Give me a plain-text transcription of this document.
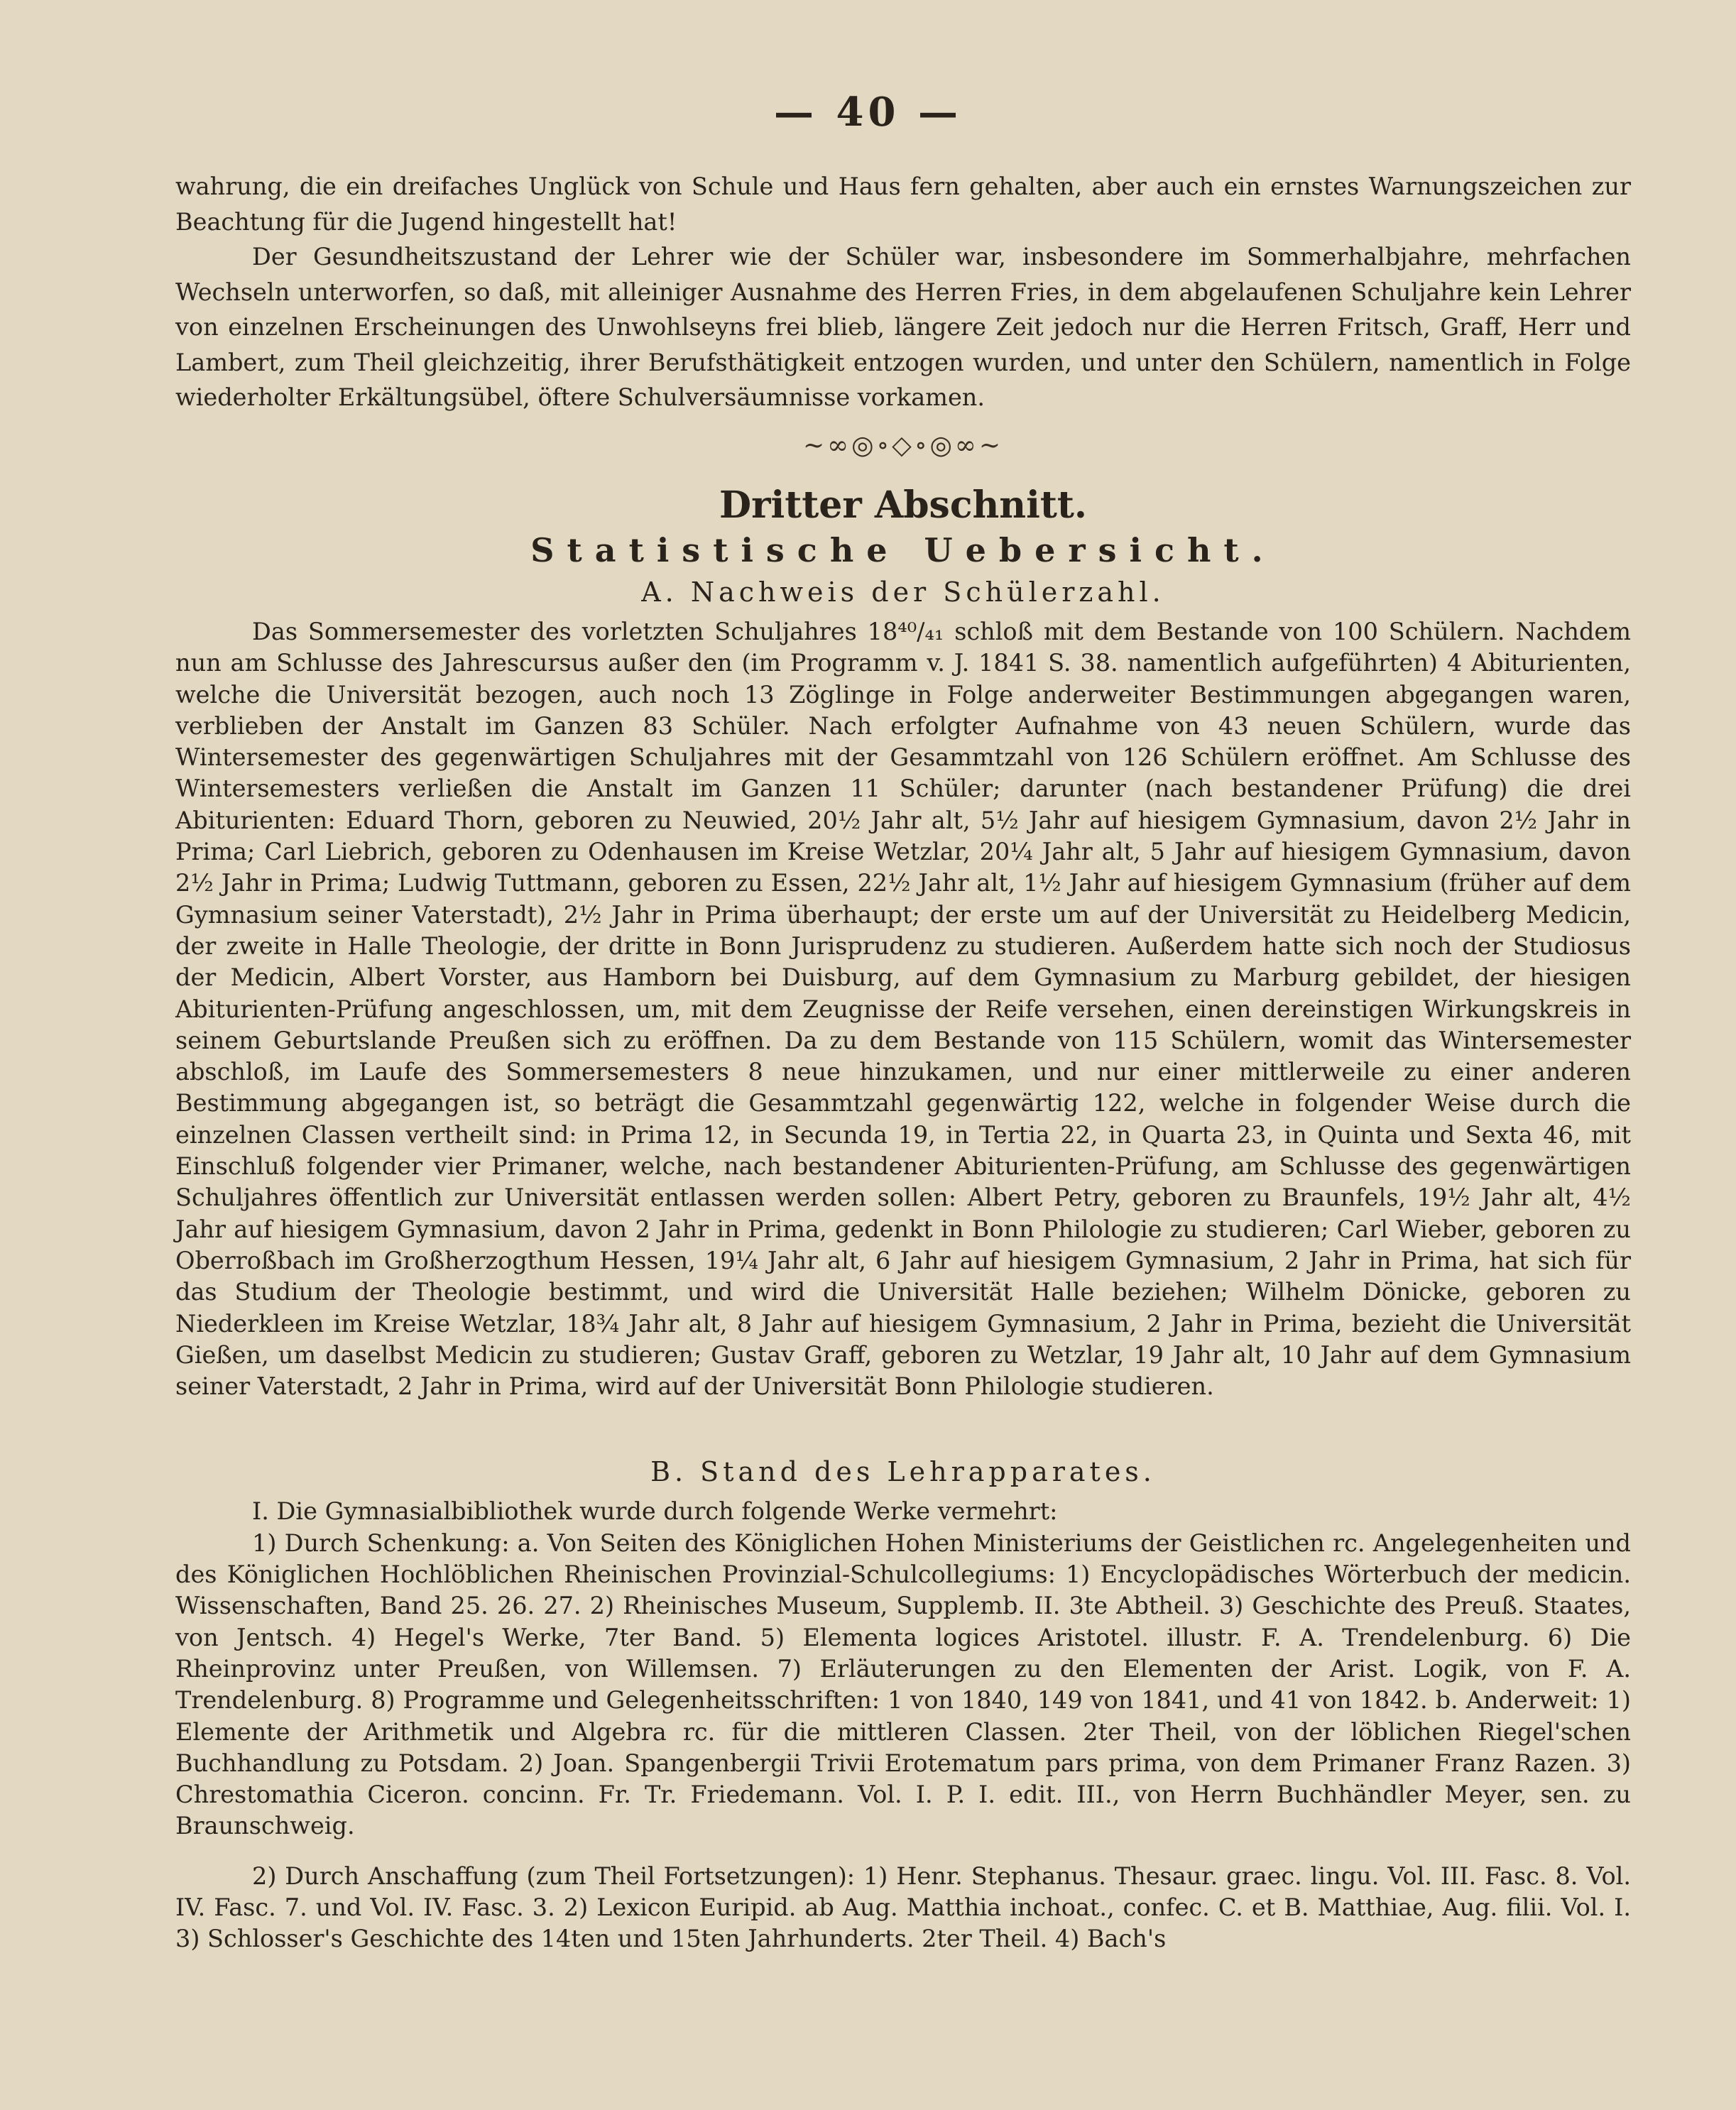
— 40 —

wahrung, die ein dreifaches Unglück von Schule und Haus fern gehalten, aber auch ein ernstes Warnungszeichen zur Beachtung für die Jugend hingestellt hat!

Der Gesundheitszustand der Lehrer wie der Schüler war, insbesondere im Sommerhalbjahre, mehrfachen Wechseln unterworfen, so daß, mit alleiniger Ausnahme des Herren Fries, in dem abgelaufenen Schuljahre kein Lehrer von einzelnen Erscheinungen des Unwohlseyns frei blieb, längere Zeit jedoch nur die Herren Fritsch, Graff, Herr und Lambert, zum Theil gleichzeitig, ihrer Berufsthätigkeit entzogen wurden, und unter den Schülern, namentlich in Folge wiederholter Erkältungsübel, öftere Schulversäumnisse vorkamen.

~∞◎∘◇∘◎∞~
Dritter Abschnitt.
Statistische Uebersicht.
A. Nachweis der Schülerzahl.

Das Sommersemester des vorletzten Schuljahres 18⁴⁰/₄₁ schloß mit dem Bestande von 100 Schülern. Nachdem nun am Schlusse des Jahrescursus außer den (im Programm v. J. 1841 S. 38. namentlich aufgeführten) 4 Abiturienten, welche die Universität bezogen, auch noch 13 Zöglinge in Folge anderweiter Bestimmungen abgegangen waren, verblieben der Anstalt im Ganzen 83 Schüler. Nach erfolgter Aufnahme von 43 neuen Schülern, wurde das Wintersemester des gegenwärtigen Schuljahres mit der Gesammtzahl von 126 Schülern eröffnet. Am Schlusse des Wintersemesters verließen die Anstalt im Ganzen 11 Schüler; darunter (nach bestandener Prüfung) die drei Abiturienten: Eduard Thorn, geboren zu Neuwied, 20½ Jahr alt, 5½ Jahr auf hiesigem Gymnasium, davon 2½ Jahr in Prima; Carl Liebrich, geboren zu Odenhausen im Kreise Wetzlar, 20¼ Jahr alt, 5 Jahr auf hiesigem Gymnasium, davon 2½ Jahr in Prima; Ludwig Tuttmann, geboren zu Essen, 22½ Jahr alt, 1½ Jahr auf hiesigem Gymnasium (früher auf dem Gymnasium seiner Vaterstadt), 2½ Jahr in Prima überhaupt; der erste um auf der Universität zu Heidelberg Medicin, der zweite in Halle Theologie, der dritte in Bonn Jurisprudenz zu studieren. Außerdem hatte sich noch der Studiosus der Medicin, Albert Vorster, aus Hamborn bei Duisburg, auf dem Gymnasium zu Marburg gebildet, der hiesigen Abiturienten-Prüfung angeschlossen, um, mit dem Zeugnisse der Reife versehen, einen dereinstigen Wirkungskreis in seinem Geburtslande Preußen sich zu eröffnen. Da zu dem Bestande von 115 Schülern, womit das Wintersemester abschloß, im Laufe des Sommersemesters 8 neue hinzukamen, und nur einer mittlerweile zu einer anderen Bestimmung abgegangen ist, so beträgt die Gesammtzahl gegenwärtig 122, welche in folgender Weise durch die einzelnen Classen vertheilt sind: in Prima 12, in Secunda 19, in Tertia 22, in Quarta 23, in Quinta und Sexta 46, mit Einschluß folgender vier Primaner, welche, nach bestandener Abiturienten-Prüfung, am Schlusse des gegenwärtigen Schuljahres öffentlich zur Universität entlassen werden sollen: Albert Petry, geboren zu Braunfels, 19½ Jahr alt, 4½ Jahr auf hiesigem Gymnasium, davon 2 Jahr in Prima, gedenkt in Bonn Philologie zu studieren; Carl Wieber, geboren zu Oberroßbach im Großherzogthum Hessen, 19¼ Jahr alt, 6 Jahr auf hiesigem Gymnasium, 2 Jahr in Prima, hat sich für das Studium der Theologie bestimmt, und wird die Universität Halle beziehen; Wilhelm Dönicke, geboren zu Niederkleen im Kreise Wetzlar, 18¾ Jahr alt, 8 Jahr auf hiesigem Gymnasium, 2 Jahr in Prima, bezieht die Universität Gießen, um daselbst Medicin zu studieren; Gustav Graff, geboren zu Wetzlar, 19 Jahr alt, 10 Jahr auf dem Gymnasium seiner Vaterstadt, 2 Jahr in Prima, wird auf der Universität Bonn Philologie studieren.

B. Stand des Lehrapparates.

I. Die Gymnasialbibliothek wurde durch folgende Werke vermehrt:

1) Durch Schenkung: a. Von Seiten des Königlichen Hohen Ministeriums der Geistlichen rc. Angelegenheiten und des Königlichen Hochlöblichen Rheinischen Provinzial-Schulcollegiums: 1) Encyclopädisches Wörterbuch der medicin. Wissenschaften, Band 25. 26. 27. 2) Rheinisches Museum, Supplemb. II. 3te Abtheil. 3) Geschichte des Preuß. Staates, von Jentsch. 4) Hegel's Werke, 7ter Band. 5) Elementa logices Aristotel. illustr. F. A. Trendelenburg. 6) Die Rheinprovinz unter Preußen, von Willemsen. 7) Erläuterungen zu den Elementen der Arist. Logik, von F. A. Trendelenburg. 8) Programme und Gelegenheitsschriften: 1 von 1840, 149 von 1841, und 41 von 1842. b. Anderweit: 1) Elemente der Arithmetik und Algebra rc. für die mittleren Classen. 2ter Theil, von der löblichen Riegel'schen Buchhandlung zu Potsdam. 2) Joan. Spangenbergii Trivii Erotematum pars prima, von dem Primaner Franz Razen. 3) Chrestomathia Ciceron. concinn. Fr. Tr. Friedemann. Vol. I. P. I. edit. III., von Herrn Buchhändler Meyer, sen. zu Braunschweig.

2) Durch Anschaffung (zum Theil Fortsetzungen): 1) Henr. Stephanus. Thesaur. graec. lingu. Vol. III. Fasc. 8. Vol. IV. Fasc. 7. und Vol. IV. Fasc. 3. 2) Lexicon Euripid. ab Aug. Matthia inchoat., confec. C. et B. Matthiae, Aug. filii. Vol. I. 3) Schlosser's Geschichte des 14ten und 15ten Jahrhunderts. 2ter Theil. 4) Bach's
